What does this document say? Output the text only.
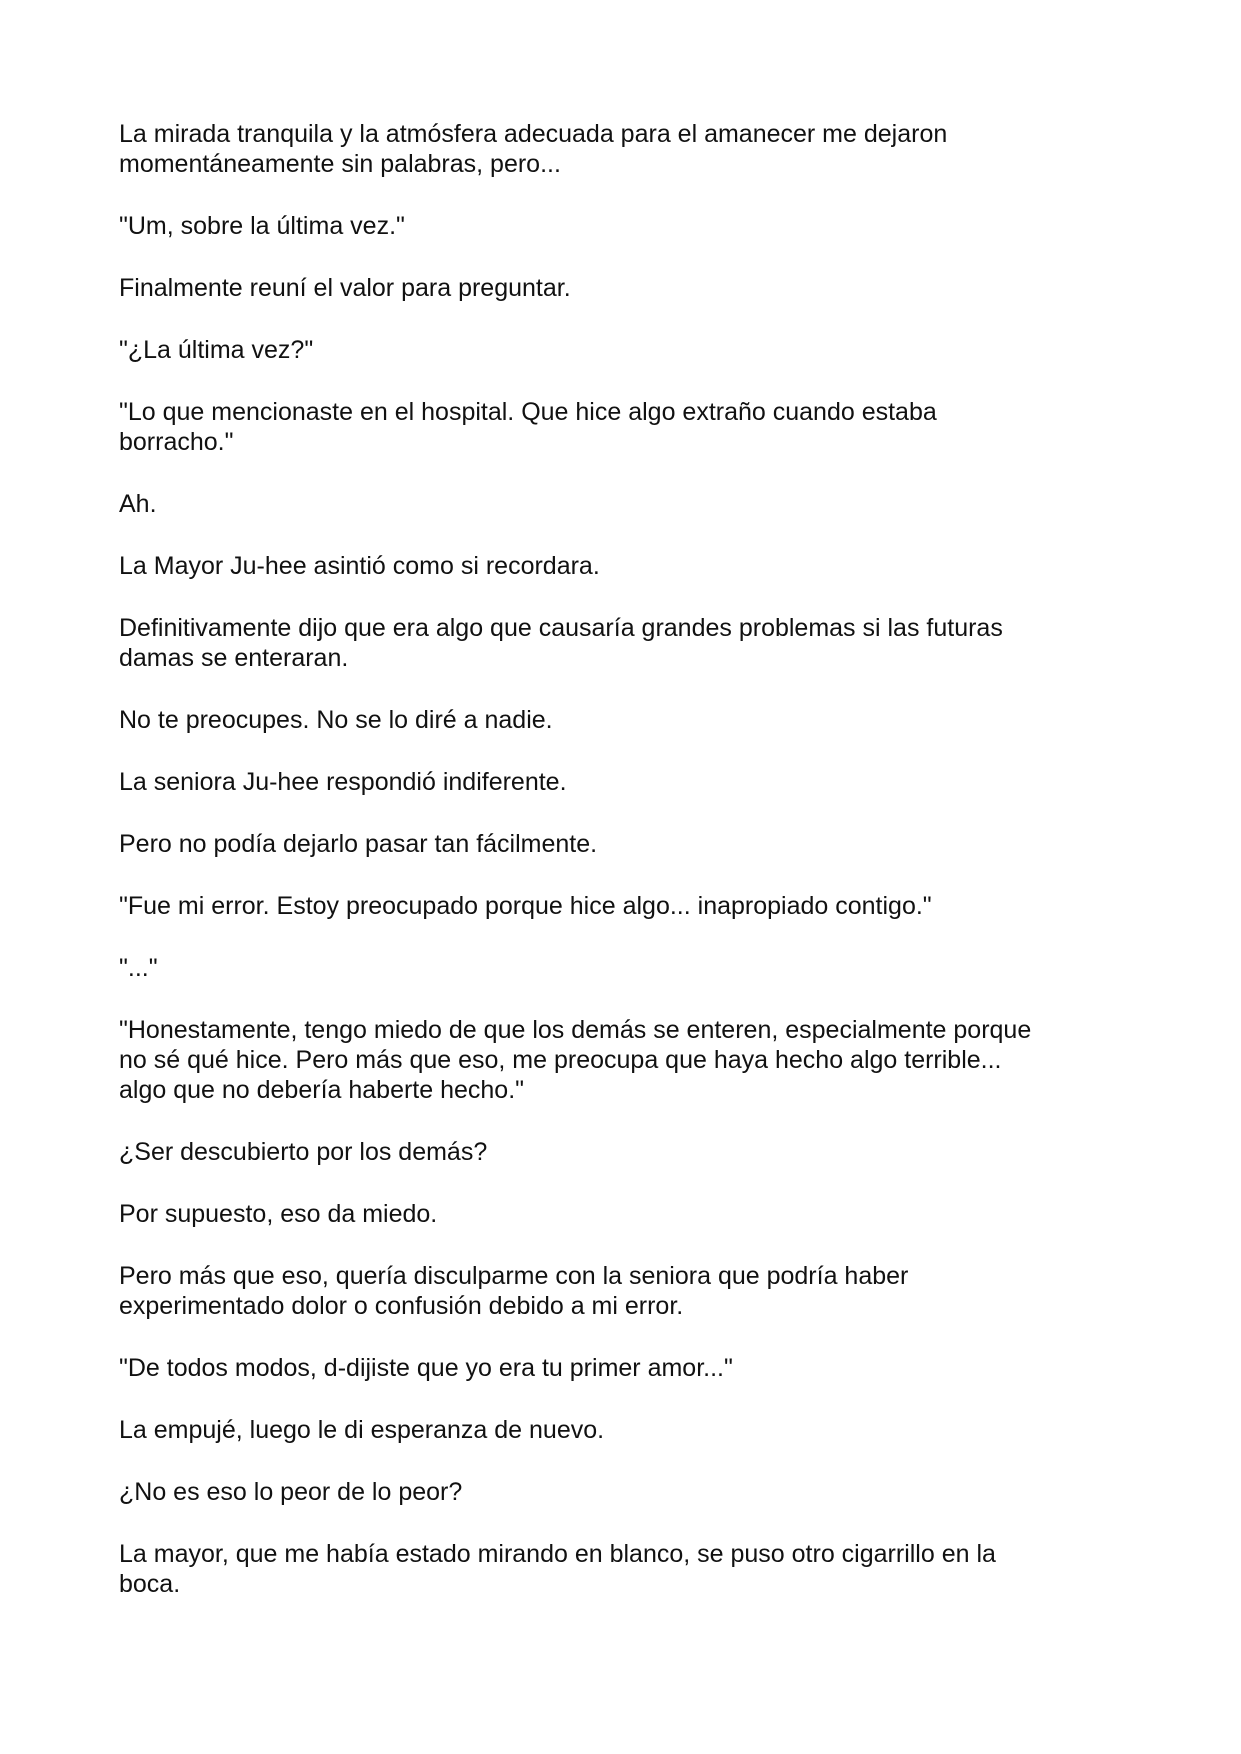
La mirada tranquila y la atmósfera adecuada para el amanecer me dejaron
momentáneamente sin palabras, pero...

"Um, sobre la última vez."

Finalmente reuní el valor para preguntar.

"¿La última vez?"

"Lo que mencionaste en el hospital. Que hice algo extraño cuando estaba
borracho."

Ah.

La Mayor Ju-hee asintió como si recordara.

Definitivamente dijo que era algo que causaría grandes problemas si las futuras
damas se enteraran.

No te preocupes. No se lo diré a nadie.

La seniora Ju-hee respondió indiferente.

Pero no podía dejarlo pasar tan fácilmente.

"Fue mi error. Estoy preocupado porque hice algo... inapropiado contigo."

"..."

"Honestamente, tengo miedo de que los demás se enteren, especialmente porque
no sé qué hice. Pero más que eso, me preocupa que haya hecho algo terrible...
algo que no debería haberte hecho."

¿Ser descubierto por los demás?

Por supuesto, eso da miedo.

Pero más que eso, quería disculparme con la seniora que podría haber
experimentado dolor o confusión debido a mi error.

"De todos modos, d-dijiste que yo era tu primer amor..."

La empujé, luego le di esperanza de nuevo.

¿No es eso lo peor de lo peor?

La mayor, que me había estado mirando en blanco, se puso otro cigarrillo en la
boca.
